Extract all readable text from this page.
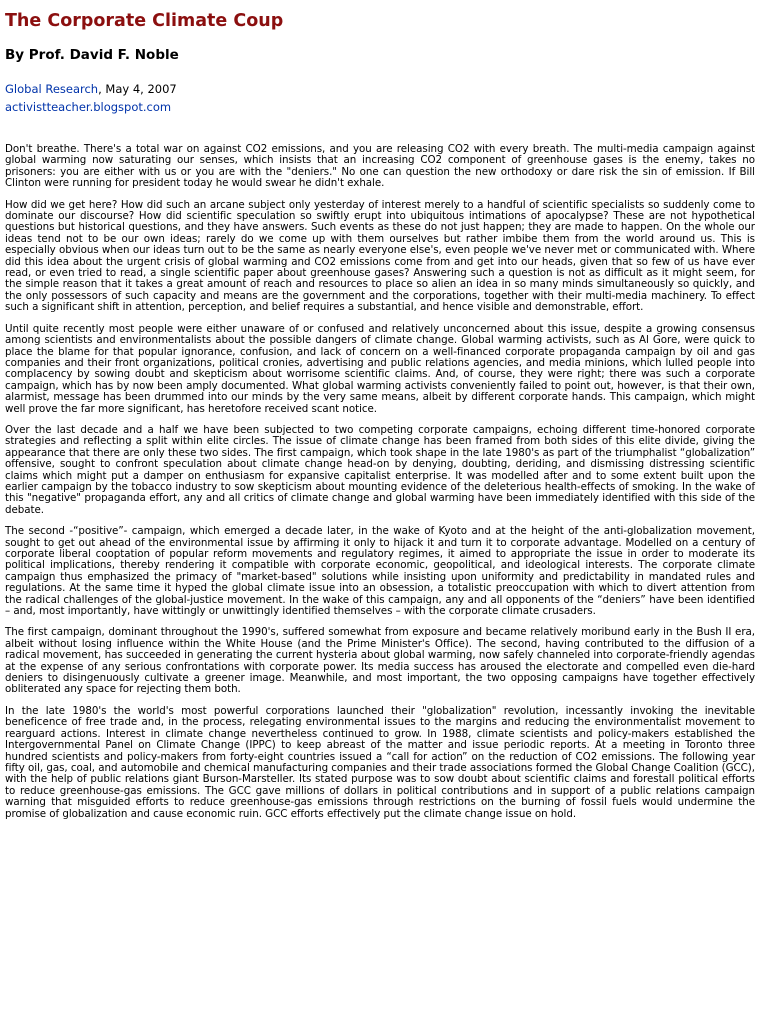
The Corporate Climate Coup
By Prof. David F. Noble
Global Research, May 4, 2007
activistteacher.blogspot.com

Don't breathe. There's a total war on against CO2 emissions, and you are releasing CO2 with every breath. The multi-media campaign against global warming now saturating our senses, which insists that an increasing CO2 component of greenhouse gases is the enemy, takes no prisoners: you are either with us or you are with the "deniers." No one can question the new orthodoxy or dare risk the sin of emission. If Bill Clinton were running for president today he would swear he didn't exhale.

How did we get here? How did such an arcane subject only yesterday of interest merely to a handful of scientific specialists so suddenly come to dominate our discourse? How did scientific speculation so swiftly erupt into ubiquitous intimations of apocalypse? These are not hypothetical questions but historical questions, and they have answers. Such events as these do not just happen; they are made to happen. On the whole our ideas tend not to be our own ideas; rarely do we come up with them ourselves but rather imbibe them from the world around us. This is especially obvious when our ideas turn out to be the same as nearly everyone else's, even people we've never met or communicated with. Where did this idea about the urgent crisis of global warming and CO2 emissions come from and get into our heads, given that so few of us have ever read, or even tried to read, a single scientific paper about greenhouse gases? Answering such a question is not as difficult as it might seem, for the simple reason that it takes a great amount of reach and resources to place so alien an idea in so many minds simultaneously so quickly, and the only possessors of such capacity and means are the government and the corporations, together with their multi-media machinery. To effect such a significant shift in attention, perception, and belief requires a substantial, and hence visible and demonstrable, effort.

Until quite recently most people were either unaware of or confused and relatively unconcerned about this issue, despite a growing consensus among scientists and environmentalists about the possible dangers of climate change. Global warming activists, such as Al Gore, were quick to place the blame for that popular ignorance, confusion, and lack of concern on a well-financed corporate propaganda campaign by oil and gas companies and their front organizations, political cronies, advertising and public relations agencies, and media minions, which lulled people into complacency by sowing doubt and skepticism about worrisome scientific claims. And, of course, they were right; there was such a corporate campaign, which has by now been amply documented. What global warming activists conveniently failed to point out, however, is that their own, alarmist, message has been drummed into our minds by the very same means, albeit by different corporate hands. This campaign, which might well prove the far more significant, has heretofore received scant notice.

Over the last decade and a half we have been subjected to two competing corporate campaigns, echoing different time-honored corporate strategies and reflecting a split within elite circles. The issue of climate change has been framed from both sides of this elite divide, giving the appearance that there are only these two sides. The first campaign, which took shape in the late 1980's as part of the triumphalist “globalization” offensive, sought to confront speculation about climate change head-on by denying, doubting, deriding, and dismissing distressing scientific claims which might put a damper on enthusiasm for expansive capitalist enterprise. It was modelled after and to some extent built upon the earlier campaign by the tobacco industry to sow skepticism about mounting evidence of the deleterious health-effects of smoking. In the wake of this "negative" propaganda effort, any and all critics of climate change and global warming have been immediately identified with this side of the debate.

The second -“positive”- campaign, which emerged a decade later, in the wake of Kyoto and at the height of the anti-globalization movement, sought to get out ahead of the environmental issue by affirming it only to hijack it and turn it to corporate advantage. Modelled on a century of corporate liberal cooptation of popular reform movements and regulatory regimes, it aimed to appropriate the issue in order to moderate its political implications, thereby rendering it compatible with corporate economic, geopolitical, and ideological interests. The corporate climate campaign thus emphasized the primacy of "market-based" solutions while insisting upon uniformity and predictability in mandated rules and regulations. At the same time it hyped the global climate issue into an obsession, a totalistic preoccupation with which to divert attention from the radical challenges of the global-justice movement. In the wake of this campaign, any and all opponents of the “deniers” have been identified – and, most importantly, have wittingly or unwittingly identified themselves – with the corporate climate crusaders.

The first campaign, dominant throughout the 1990's, suffered somewhat from exposure and became relatively moribund early in the Bush II era, albeit without losing influence within the White House (and the Prime Minister's Office). The second, having contributed to the diffusion of a radical movement, has succeeded in generating the current hysteria about global warming, now safely channeled into corporate-friendly agendas at the expense of any serious confrontations with corporate power. Its media success has aroused the electorate and compelled even die-hard deniers to disingenuously cultivate a greener image. Meanwhile, and most important, the two opposing campaigns have together effectively obliterated any space for rejecting them both.

In the late 1980's the world's most powerful corporations launched their "globalization" revolution, incessantly invoking the inevitable beneficence of free trade and, in the process, relegating environmental issues to the margins and reducing the environmentalist movement to rearguard actions. Interest in climate change nevertheless continued to grow. In 1988, climate scientists and policy-makers established the Intergovernmental Panel on Climate Change (IPPC) to keep abreast of the matter and issue periodic reports. At a meeting in Toronto three hundred scientists and policy-makers from forty-eight countries issued a “call for action” on the reduction of CO2 emissions. The following year fifty oil, gas, coal, and automobile and chemical manufacturing companies and their trade associations formed the Global Change Coalition (GCC), with the help of public relations giant Burson-Marsteller. Its stated purpose was to sow doubt about scientific claims and forestall political efforts to reduce greenhouse-gas emissions. The GCC gave millions of dollars in political contributions and in support of a public relations campaign warning that misguided efforts to reduce greenhouse-gas emissions through restrictions on the burning of fossil fuels would undermine the promise of globalization and cause economic ruin. GCC efforts effectively put the climate change issue on hold.
